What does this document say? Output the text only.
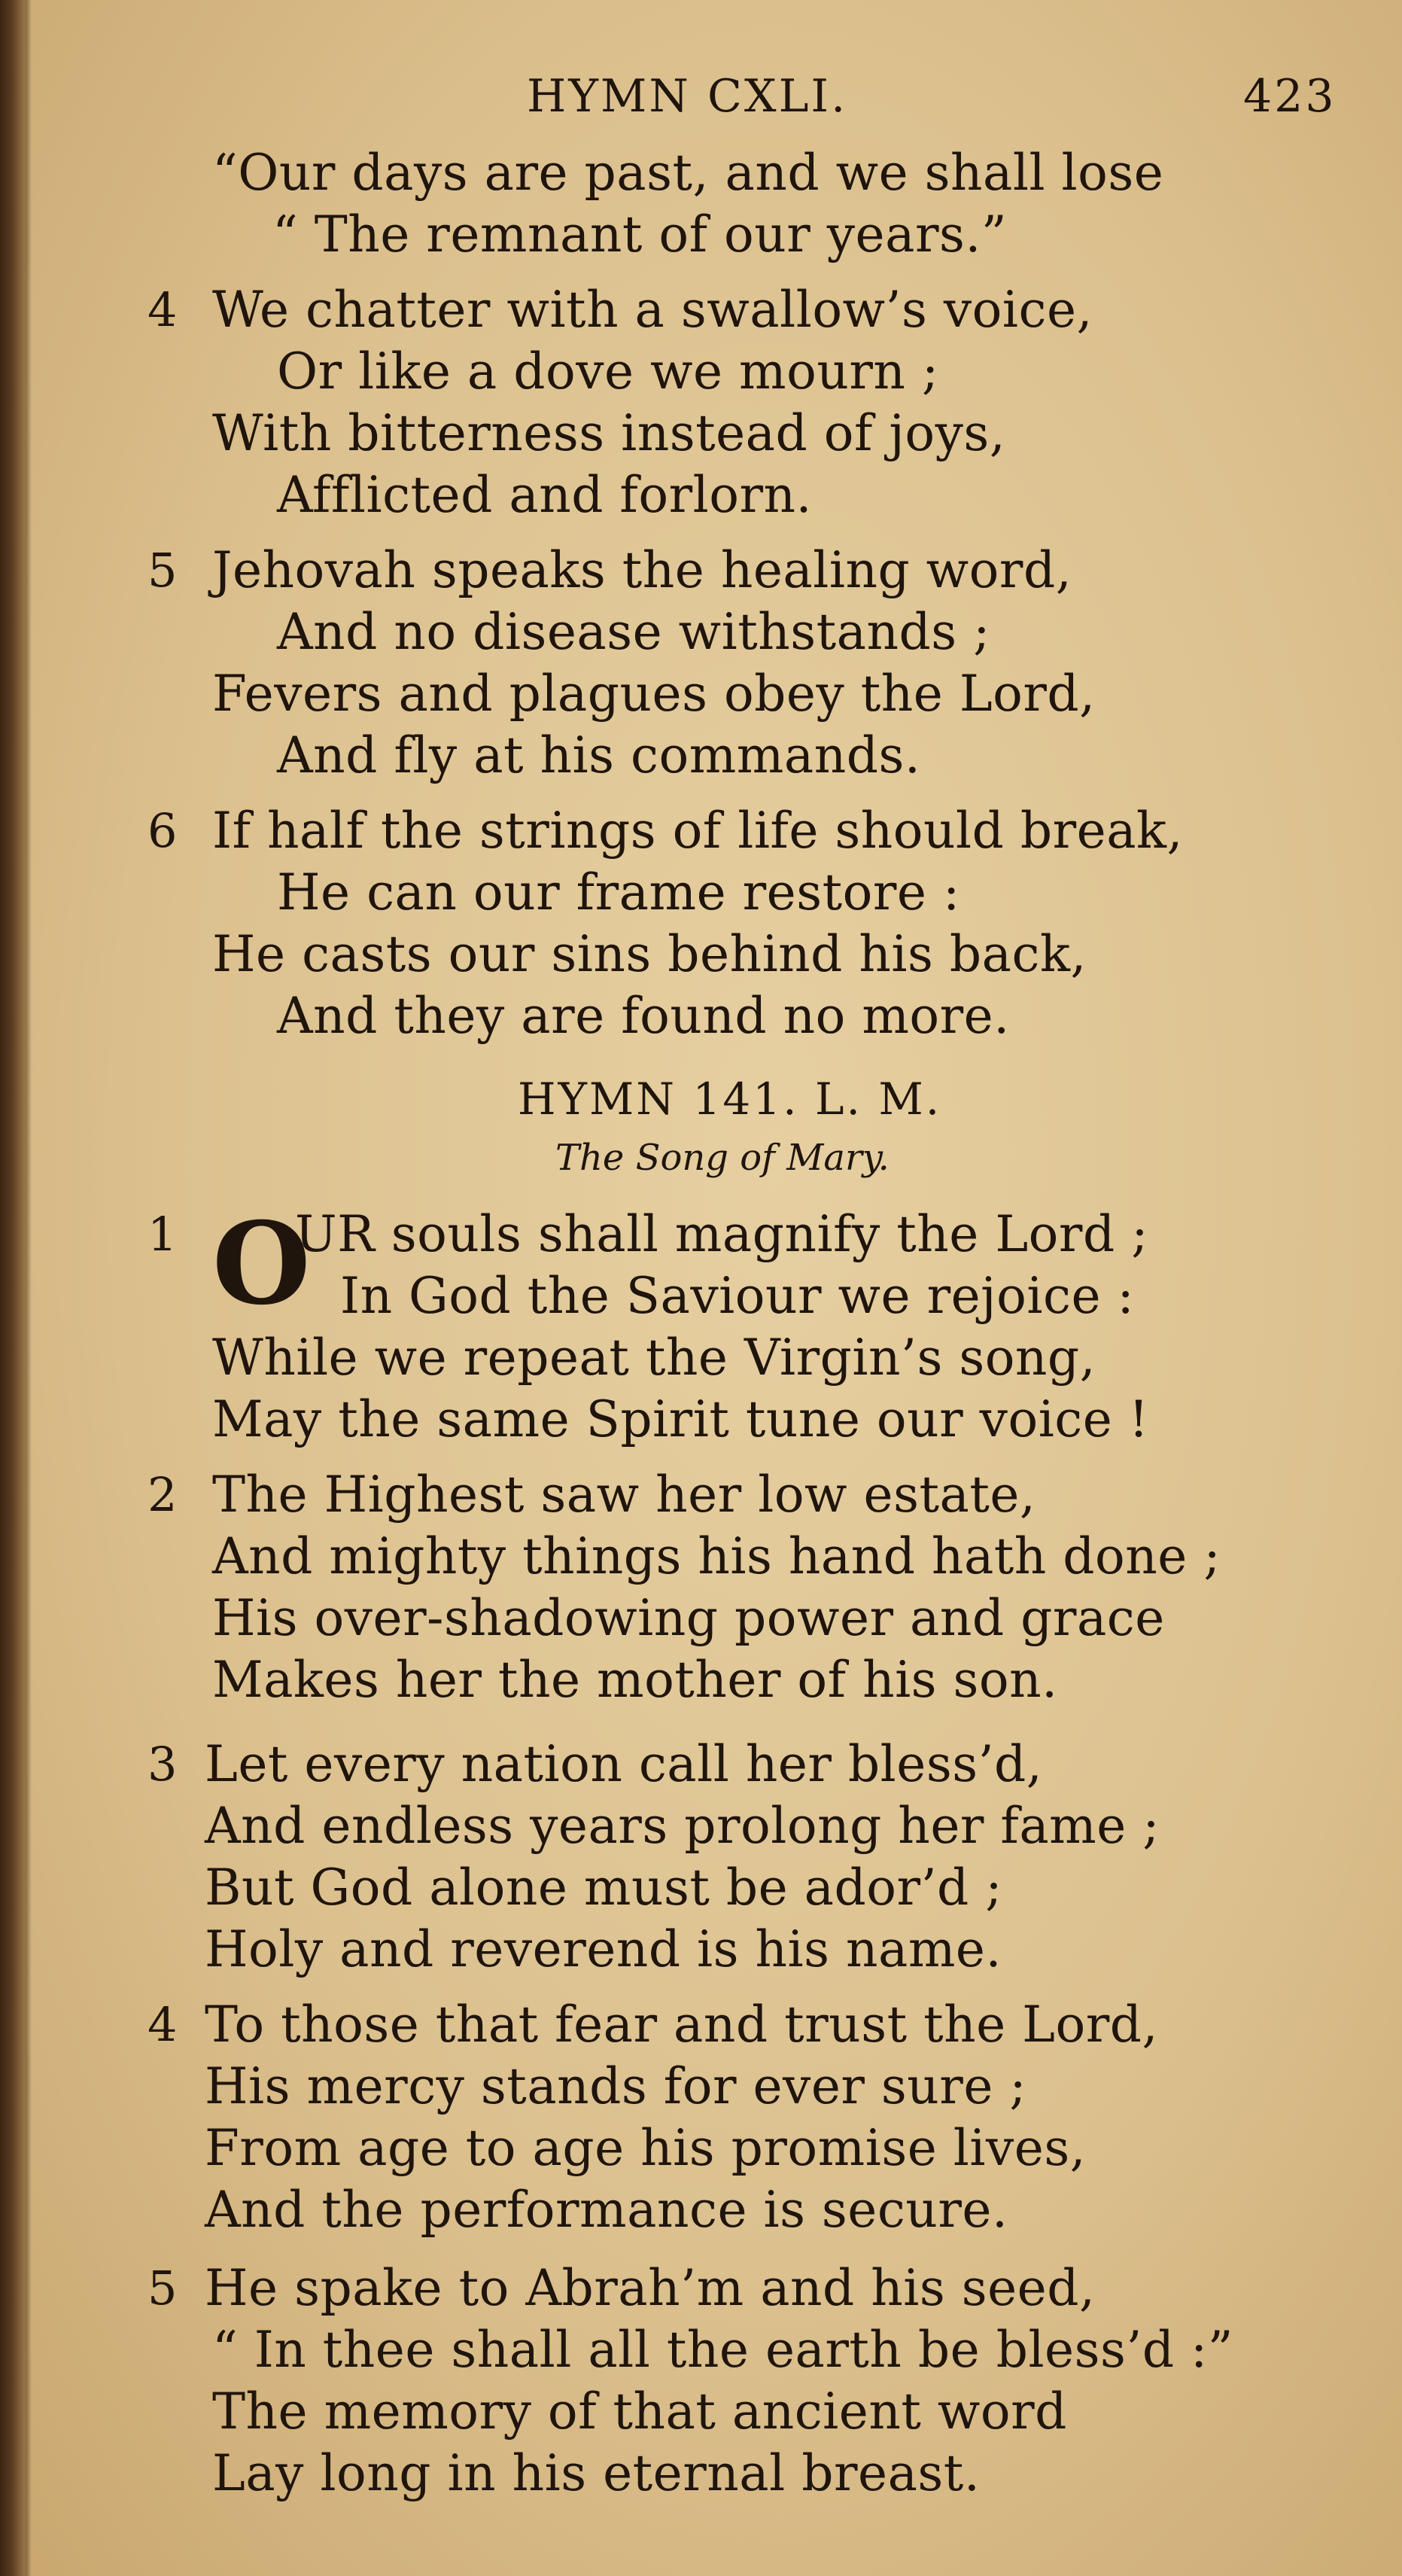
HYMN CXLI.	423
“Our days are past, and we shall lose
“ The remnant of our years.”
4 We chatter with a swallow’s voice,
Or like a dove we mourn ;
With bitterness instead of joys,
Afflicted and forlorn.
5 Jehovah speaks the healing word,
And no disease withstands ;
Fevers and plagues obey the Lord,
And fly at his commands.
6 If half the strings of life should break,
He can our frame restore :
He casts our sins behind his back,
And they are found no more.
HYMN 141. L. M.
The Song of Mary.
1 O
UR souls shall magnify the Lord ;
In God the Saviour we rejoice :
While we repeat the Virgin’s song,
May the same Spirit tune our voice !
2 The Highest saw her low estate,
And mighty things his hand hath done ;
His over-shadowing power and grace
Makes her the mother of his son.
3 Let every nation call her bless’d,
And endless years prolong her fame ;
But God alone must be ador’d ;
Holy and reverend is his name.
4 To those that fear and trust the Lord,
His mercy stands for ever sure ;
From age to age his promise lives,
And the performance is secure.
5 He spake to Abrah’m and his seed,
“ In thee shall all the earth be bless’d :”
The memory of that ancient word
Lay long in his eternal breast.
